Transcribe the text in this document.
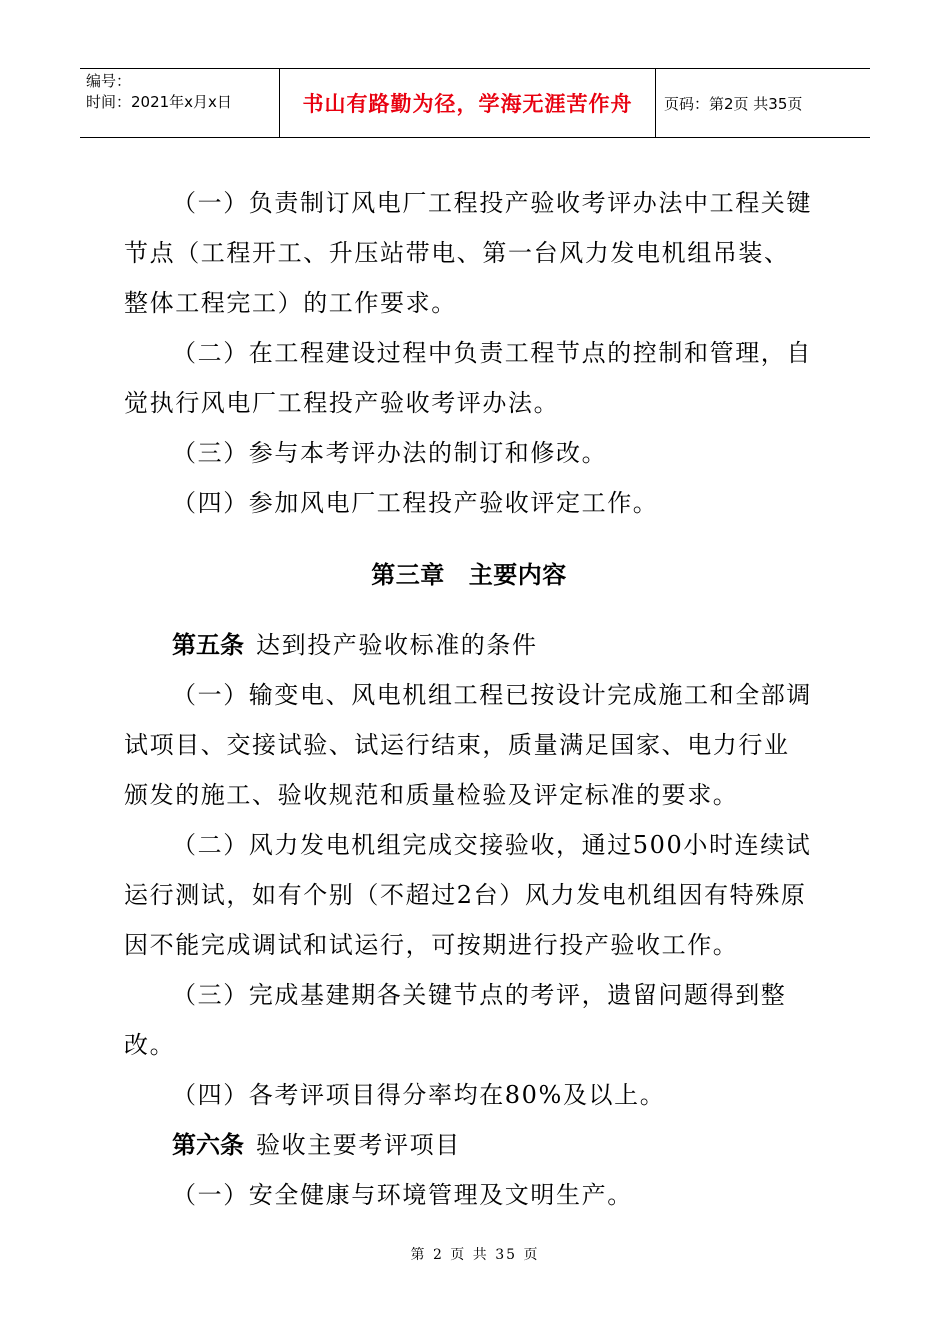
编号：
时间：2021年x月x日	书山有路勤为径，学海无涯苦作舟	页码：第2页 共35页

（一）负责制订风电厂工程投产验收考评办法中工程关键节点（工程开工、升压站带电、第一台风力发电机组吊装、整体工程完工）的工作要求。

（二）在工程建设过程中负责工程节点的控制和管理，自觉执行风电厂工程投产验收考评办法。

（三）参与本考评办法的制订和修改。

（四）参加风电厂工程投产验收评定工作。

第三章 主要内容

第五条 达到投产验收标准的条件

（一）输变电、风电机组工程已按设计完成施工和全部调试项目、交接试验、试运行结束，质量满足国家、电力行业颁发的施工、验收规范和质量检验及评定标准的要求。

（二）风力发电机组完成交接验收，通过500小时连续试运行测试，如有个别（不超过2台）风力发电机组因有特殊原因不能完成调试和试运行，可按期进行投产验收工作。

（三）完成基建期各关键节点的考评，遗留问题得到整改。

（四）各考评项目得分率均在80%及以上。

第六条 验收主要考评项目

（一）安全健康与环境管理及文明生产。

第 2 页 共 35 页
